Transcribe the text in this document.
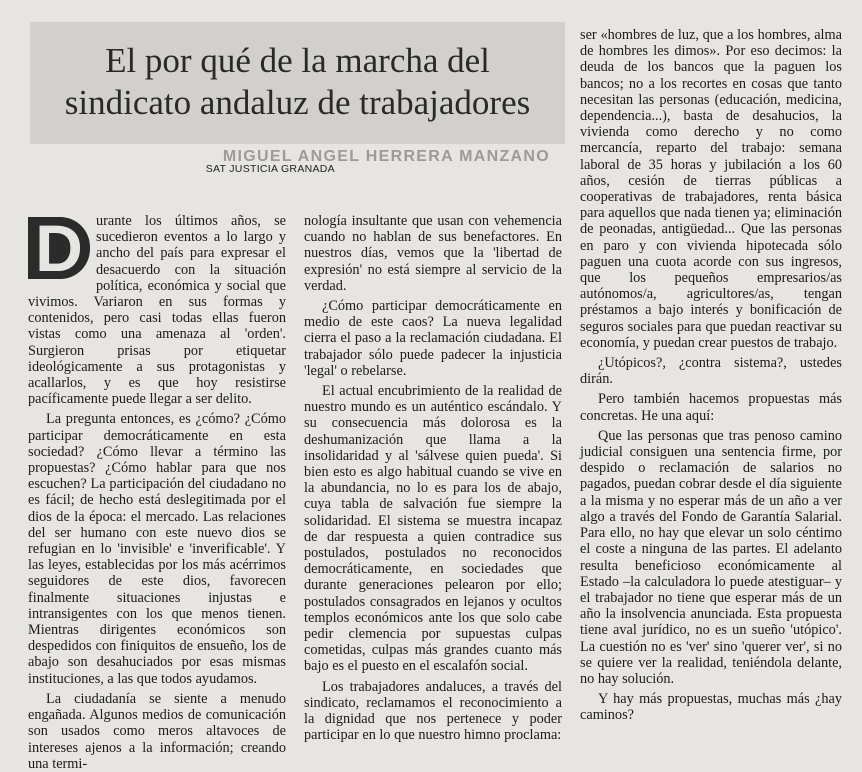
El por qué de la marcha del
sindicato andaluz de trabajadores
MIGUEL ANGEL HERRERA MANZANO
SAT JUSTICIA GRANADA

D urante los últimos años, se sucedieron eventos a lo largo y ancho del país para expresar el desacuerdo con la situación política, económica y social que vivimos. Variaron en sus formas y contenidos, pero casi todas ellas fueron vistas como una amenaza al 'orden'. Surgieron prisas por etiquetar ideológicamente a sus protagonistas y acallarlos, y es que hoy resistirse pacíficamente puede llegar a ser delito.

La pregunta entonces, es ¿cómo? ¿Cómo participar democráticamente en esta sociedad? ¿Cómo llevar a término las propuestas? ¿Cómo hablar para que nos escuchen? La participación del ciudadano no es fácil; de hecho está deslegitimada por el dios de la época: el mercado. Las relaciones del ser humano con este nuevo dios se refugian en lo 'invisible' e 'inverificable'. Y las leyes, establecidas por los más acérrimos seguidores de este dios, favorecen finalmente situaciones injustas e intransigentes con los que menos tienen. Mientras dirigentes económicos son despedidos con finiquitos de ensueño, los de abajo son desahuciados por esas mismas instituciones, a las que todos ayudamos.

La ciudadanía se siente a menudo engañada. Algunos medios de comunicación son usados como meros altavoces de intereses ajenos a la información; creando una termi-

nología insultante que usan con vehemencia cuando no hablan de sus benefactores. En nuestros días, vemos que la 'libertad de expresión' no está siempre al servicio de la verdad.

¿Cómo participar democráticamente en medio de este caos? La nueva legalidad cierra el paso a la reclamación ciudadana. El trabajador sólo puede padecer la injusticia 'legal' o rebelarse.

El actual encubrimiento de la realidad de nuestro mundo es un auténtico escándalo. Y su consecuencia más dolorosa es la deshumanización que llama a la insolidaridad y al 'sálvese quien pueda'. Si bien esto es algo habitual cuando se vive en la abundancia, no lo es para los de abajo, cuya tabla de salvación fue siempre la solidaridad. El sistema se muestra incapaz de dar respuesta a quien contradice sus postulados, postulados no reconocidos democráticamente, en sociedades que durante generaciones pelearon por ello; postulados consagrados en lejanos y ocultos templos económicos ante los que solo cabe pedir clemencia por supuestas culpas cometidas, culpas más grandes cuanto más bajo es el puesto en el escalafón social.

Los trabajadores andaluces, a través del sindicato, reclamamos el reconocimiento a la dignidad que nos pertenece y poder participar en lo que nuestro himno proclama:

ser «hombres de luz, que a los hombres, alma de hombres les dimos». Por eso decimos: la deuda de los bancos que la paguen los bancos; no a los recortes en cosas que tanto necesitan las personas (educación, medicina, dependencia...), basta de desahucios, la vivienda como derecho y no como mercancía, reparto del trabajo: semana laboral de 35 horas y jubilación a los 60 años, cesión de tierras públicas a cooperativas de trabajadores, renta básica para aquellos que nada tienen ya; eliminación de peonadas, antigüedad... Que las personas en paro y con vivienda hipotecada sólo paguen una cuota acorde con sus ingresos, que los pequeños empresarios/as autónomos/a, agricultores/as, tengan préstamos a bajo interés y bonificación de seguros sociales para que puedan reactivar su economía, y puedan crear puestos de trabajo.

¿Utópicos?, ¿contra sistema?, ustedes dirán.

Pero también hacemos propuestas más concretas. He una aquí:

Que las personas que tras penoso camino judicial consiguen una sentencia firme, por despido o reclamación de salarios no pagados, puedan cobrar desde el día siguiente a la misma y no esperar más de un año a ver algo a través del Fondo de Garantía Salarial. Para ello, no hay que elevar un solo céntimo el coste a ninguna de las partes. El adelanto resulta beneficioso económicamente al Estado –la calculadora lo puede atestiguar– y el trabajador no tiene que esperar más de un año la insolvencia anunciada. Esta propuesta tiene aval jurídico, no es un sueño 'utópico'. La cuestión no es 'ver' sino 'querer ver', si no se quiere ver la realidad, teniéndola delante, no hay solución.

Y hay más propuestas, muchas más ¿hay caminos?
